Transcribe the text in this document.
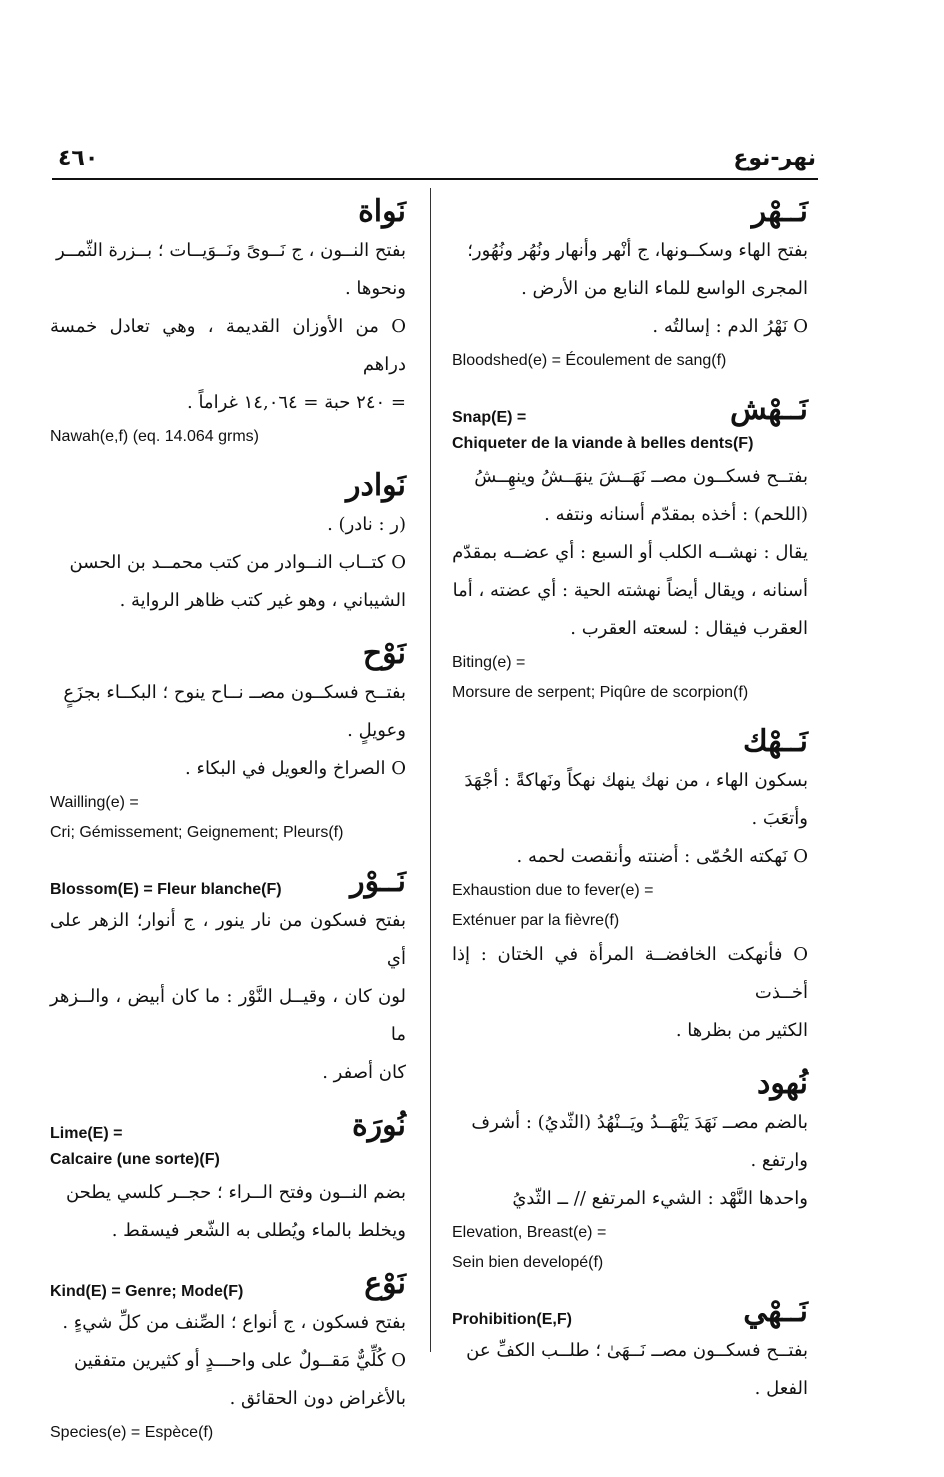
٤٦٠	نهر-نوع
نَــهْر
بفتح الهاء وسكــونها، ج أنْهر وأنهار ونُهُر ونُهُور؛
المجرى الواسع للماء النابع من الأرض .
O نَهْرُ الدم : إسالتُه .
Bloodshed(e) = Écoulement de sang(f)
Snap(E) =	نَــهْش
Chiqueter de la viande à belles dents(F)
بفتــح فسكــون مصــ نَهَــشَ ينهَــشُ وينهِــشُ
(اللحم) : أخذه بمقدّم أسنانه ونتفه .
يقال : نهشــه الكلب أو السبع : أي عضــه بمقدّم
أسنانه ، ويقال أيضاً نهشته الحية : أي عضته ، أما
العقرب فيقال : لسعته العقرب .
Biting(e) =
Morsure de serpent; Piqûre de scorpion(f)
نَــهْك
بسكون الهاء ، من نهك ينهك نهكاً ونَهاكةً : أجْهَدَ
وأتعَبَ .
O نَهكته الحُمّى : أضنته وأنقصت لحمه .
Exhaustion due to fever(e) =
Exténuer par la fièvre(f)
O فأنهكت الخافضــة المرأة في الختان : إذا أخــذت
الكثير من بظرها .
نُهود
بالضم مصــ نَهَدَ يَنْهَــدُ ويَــنْهُدُ (الثّديُ) : أشرف
وارتفع .
واحدها النَّهْد : الشيء المرتفع // ــ الثّديُ
Elevation, Breast(e) =
Sein bien developé(f)
Prohibition(E,F)	نَــهْي
بفتــح فسكــون مصــ نَــهَىٰ ؛ طلــب الكفِّ عن
الفعل .
نَواة
بفتح النــون ، ج نَــوىً ونَــوَيــات ؛ بــزرة الثّمــر
ونحوها .
O من الأوزان القديمة ، وهي تعادل خمسة دراهم
= ٢٤٠ حبة = ١٤,٠٦٤ غراماً .
Nawah(e,f) (eq. 14.064 grms)
نَوادر
(ر : نادر) .
O كتــاب النــوادر من كتب محمــد بن الحسن
الشيباني ، وهو غير كتب ظاهر الرواية .
نَوْح
بفتــح فسكــون مصــ نــاح ينوح ؛ البكــاء بجزَعٍ
وعويلٍ .
O الصراخ والعويل في البكاء .
Wailling(e) =
Cri; Gémissement; Geignement; Pleurs(f)
Blossom(E) = Fleur blanche(F) نَــوْر
بفتح فسكون من نار ينور ، ج أنوار؛ الزهر على أي
لون كان ، وقيــل النَّوْر : ما كان أبيض ، والــزهر ما
كان أصفر .
Lime(E) =	نُورَة
Calcaire (une sorte)(F)
بضم النــون وفتح الــراء ؛ حجــر كلسي يطحن
ويخلط بالماء ويُطلى به الشّعر فيسقط .
Kind(E) = Genre; Mode(F)	نَوْع
بفتح فسكون ، ج أنواع ؛ الصِّنف من كلِّ شيءٍ .
O كُلِّيٌّ مَقــولٌ على واحـــدٍ أو كثيرين متفقين
بالأغراض دون الحقائق .
Species(e) = Espèce(f)
